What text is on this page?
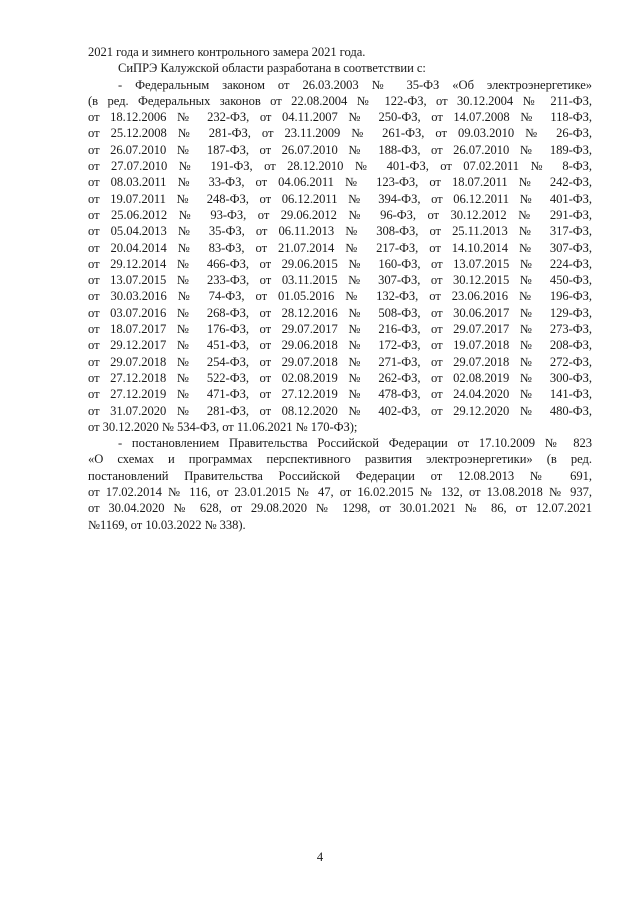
2021 года и зимнего контрольного замера 2021 года.
СиПРЭ Калужской области разработана в соответствии с:
- Федеральным законом от 26.03.2003 № 35-ФЗ «Об электроэнергетике»
(в ред. Федеральных законов от 22.08.2004 № 122-ФЗ, от 30.12.2004 № 211-ФЗ,
от 18.12.2006 № 232-ФЗ, от 04.11.2007 № 250-ФЗ, от 14.07.2008 № 118-ФЗ,
от 25.12.2008 № 281-ФЗ, от 23.11.2009 № 261-ФЗ, от 09.03.2010 № 26-ФЗ,
от 26.07.2010 № 187-ФЗ, от 26.07.2010 № 188-ФЗ, от 26.07.2010 № 189-ФЗ,
от 27.07.2010 № 191-ФЗ, от 28.12.2010 № 401-ФЗ, от 07.02.2011 № 8-ФЗ,
от 08.03.2011 № 33-ФЗ, от 04.06.2011 № 123-ФЗ, от 18.07.2011 № 242-ФЗ,
от 19.07.2011 № 248-ФЗ, от 06.12.2011 № 394-ФЗ, от 06.12.2011 № 401-ФЗ,
от 25.06.2012 № 93-ФЗ, от 29.06.2012 № 96-ФЗ, от 30.12.2012 № 291-ФЗ,
от 05.04.2013 № 35-ФЗ, от 06.11.2013 № 308-ФЗ, от 25.11.2013 № 317-ФЗ,
от 20.04.2014 № 83-ФЗ, от 21.07.2014 № 217-ФЗ, от 14.10.2014 № 307-ФЗ,
от 29.12.2014 № 466-ФЗ, от 29.06.2015 № 160-ФЗ, от 13.07.2015 № 224-ФЗ,
от 13.07.2015 № 233-ФЗ, от 03.11.2015 № 307-ФЗ, от 30.12.2015 № 450-ФЗ,
от 30.03.2016 № 74-ФЗ, от 01.05.2016 № 132-ФЗ, от 23.06.2016 № 196-ФЗ,
от 03.07.2016 № 268-ФЗ, от 28.12.2016 № 508-ФЗ, от 30.06.2017 № 129-ФЗ,
от 18.07.2017 № 176-ФЗ, от 29.07.2017 № 216-ФЗ, от 29.07.2017 № 273-ФЗ,
от 29.12.2017 № 451-ФЗ, от 29.06.2018 № 172-ФЗ, от 19.07.2018 № 208-ФЗ,
от 29.07.2018 № 254-ФЗ, от 29.07.2018 № 271-ФЗ, от 29.07.2018 № 272-ФЗ,
от 27.12.2018 № 522-ФЗ, от 02.08.2019 № 262-ФЗ, от 02.08.2019 № 300-ФЗ,
от 27.12.2019 № 471-ФЗ, от 27.12.2019 № 478-ФЗ, от 24.04.2020 № 141-ФЗ,
от 31.07.2020 № 281-ФЗ, от 08.12.2020 № 402-ФЗ, от 29.12.2020 № 480-ФЗ,
от 30.12.2020 № 534-ФЗ, от 11.06.2021 № 170-ФЗ);
- постановлением Правительства Российской Федерации от 17.10.2009 № 823
«О схемах и программах перспективного развития электроэнергетики» (в ред.
постановлений Правительства Российской Федерации от 12.08.2013 № 691,
от 17.02.2014 № 116, от 23.01.2015 № 47, от 16.02.2015 № 132, от 13.08.2018 № 937,
от 30.04.2020 № 628, от 29.08.2020 № 1298, от 30.01.2021 № 86, от 12.07.2021
№1169, от 10.03.2022 № 338).
4
